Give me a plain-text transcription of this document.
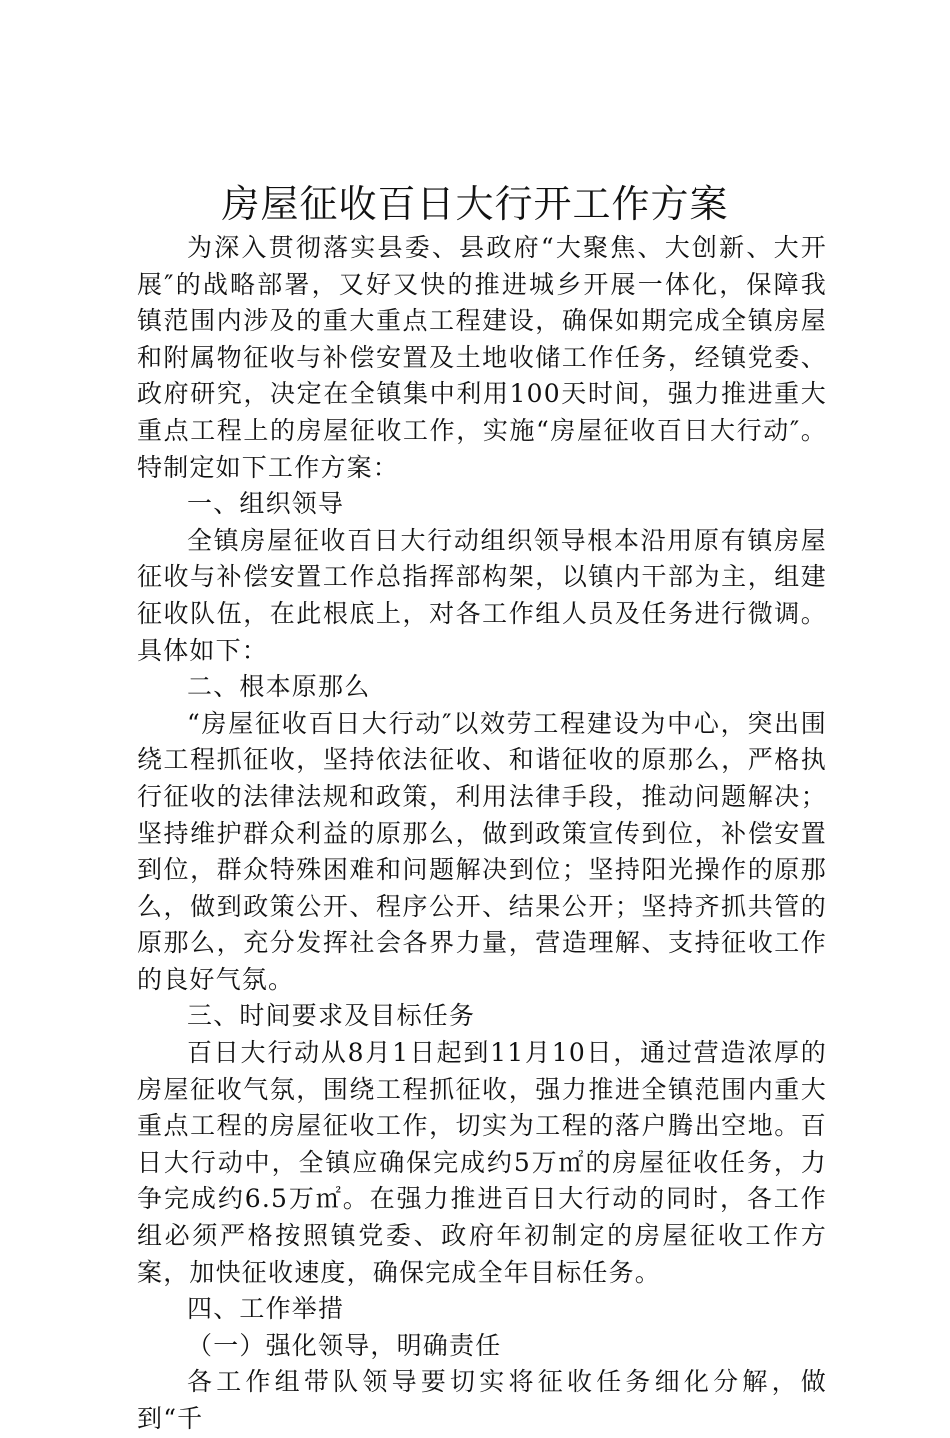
房屋征收百日大行开工作方案

为深入贯彻落实县委、县政府“大聚焦、大创新、大开展″的战略部署，又好又快的推进城乡开展一体化，保障我镇范围内涉及的重大重点工程建设，确保如期完成全镇房屋和附属物征收与补偿安置及土地收储工作任务，经镇党委、政府研究，决定在全镇集中利用100天时间，强力推进重大重点工程上的房屋征收工作，实施“房屋征收百日大行动″。特制定如下工作方案：

一、组织领导

全镇房屋征收百日大行动组织领导根本沿用原有镇房屋征收与补偿安置工作总指挥部构架，以镇内干部为主，组建征收队伍，在此根底上，对各工作组人员及任务进行微调。具体如下：

二、根本原那么

“房屋征收百日大行动″以效劳工程建设为中心，突出围绕工程抓征收，坚持依法征收、和谐征收的原那么，严格执行征收的法律法规和政策，利用法律手段，推动问题解决；坚持维护群众利益的原那么，做到政策宣传到位，补偿安置到位，群众特殊困难和问题解决到位；坚持阳光操作的原那么，做到政策公开、程序公开、结果公开；坚持齐抓共管的原那么，充分发挥社会各界力量，营造理解、支持征收工作的良好气氛。

三、时间要求及目标任务

百日大行动从8月1日起到11月10日，通过营造浓厚的房屋征收气氛，围绕工程抓征收，强力推进全镇范围内重大重点工程的房屋征收工作，切实为工程的落户腾出空地。百日大行动中，全镇应确保完成约5万㎡的房屋征收任务，力争完成约6.5万㎡。在强力推进百日大行动的同时，各工作组必须严格按照镇党委、政府年初制定的房屋征收工作方案，加快征收速度，确保完成全年目标任务。

四、工作举措

（一）强化领导，明确责任

各工作组带队领导要切实将征收任务细化分解，做到“千
